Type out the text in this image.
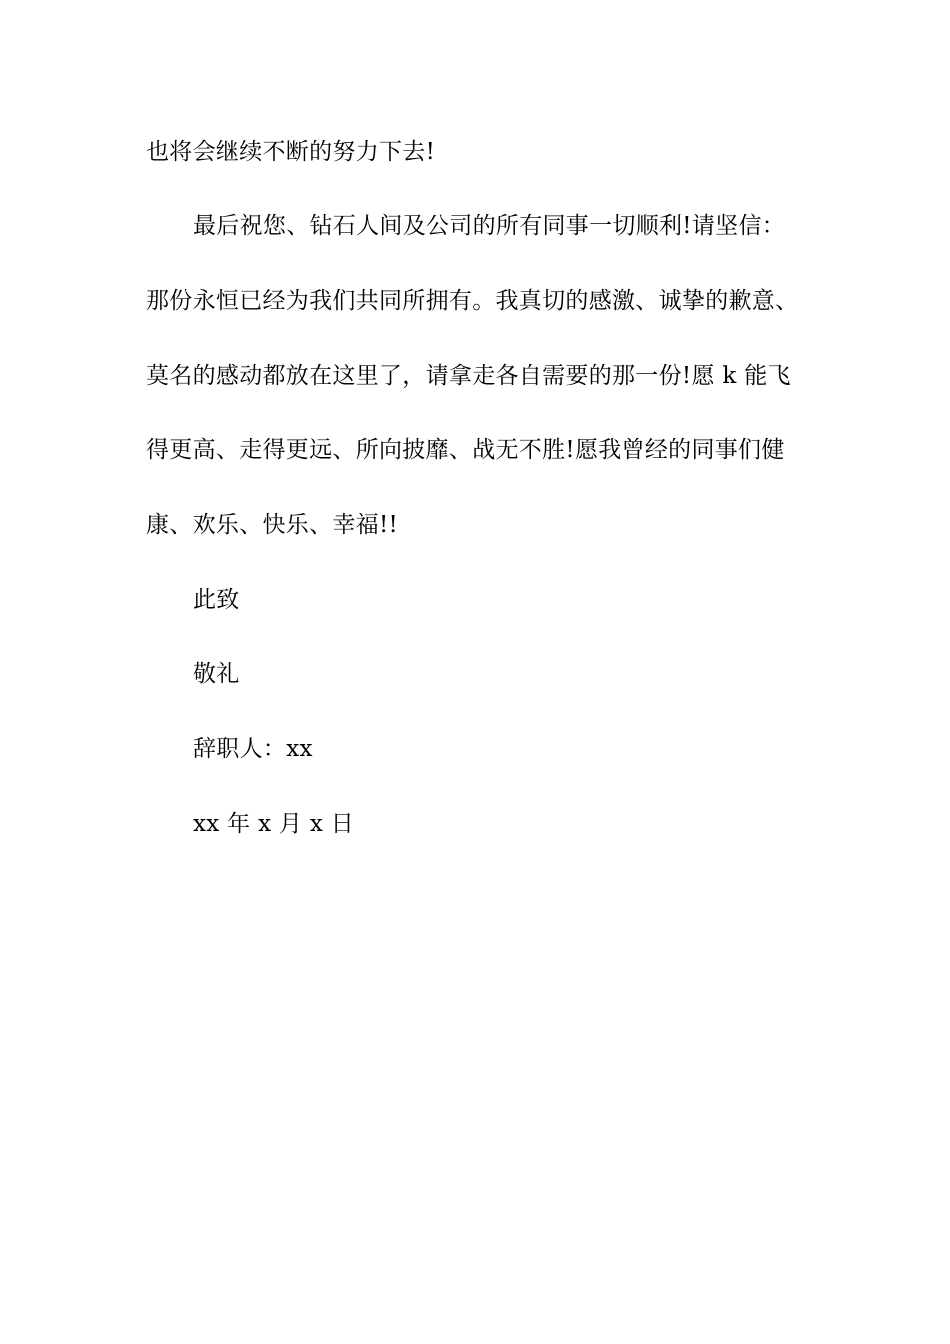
也将会继续不断的努力下去!
最后祝您、钻石人间及公司的所有同事一切顺利!请坚信：
那份永恒已经为我们共同所拥有。我真切的感激、诚挚的歉意、
莫名的感动都放在这里了，请拿走各自需要的那一份!愿 k 能飞
得更高、走得更远、所向披靡、战无不胜!愿我曾经的同事们健
康、欢乐、快乐、幸福!!
此致
敬礼
辞职人：xx
xx 年 x 月 x 日
